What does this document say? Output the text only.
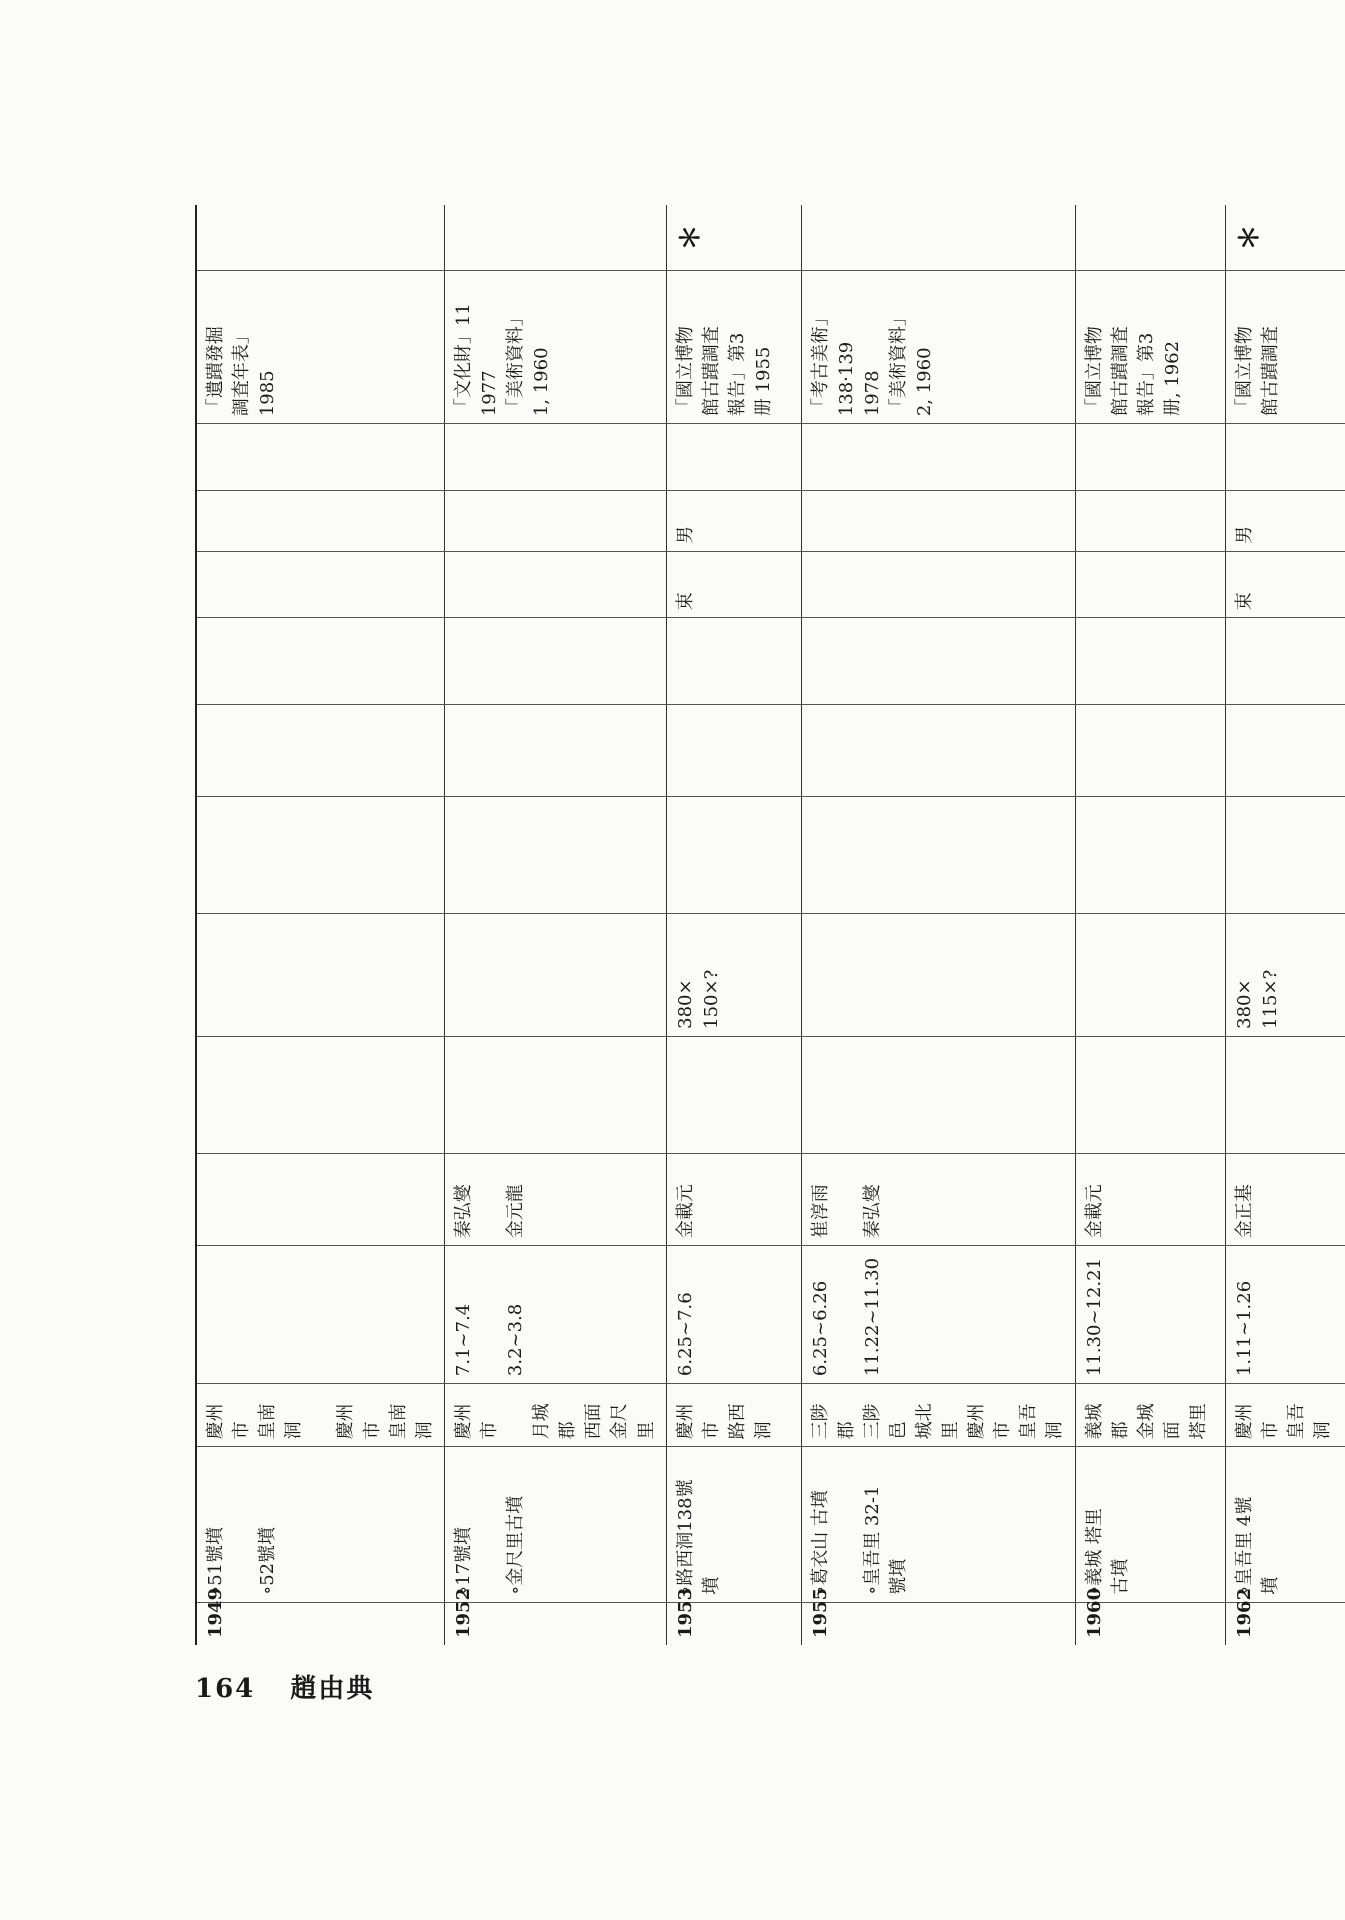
1949	∘51號墳 ∘52號墳	慶州市 皇南洞 慶州市 皇南洞											「遺蹟發掘 調査年表」 1985	
1952	∘17號墳 ∘金尺里古墳	慶州市 月城郡 西面 金尺里	7.1~7.4 3.2~3.8	秦弘燮 金元龍									「文化財」11 1977 「美術資料」 1, 1960	
1953	∘路西洞138號 墳	慶州市 路西洞	6.25~7.6	金載元		380× 150×?				束	男		「國立博物 館古蹟調査 報告」第3 册 1955	＊
1955	∘葛衣山 古墳 ∘皇吾里 32-1 號墳	三陟郡 三陟邑 城北里 慶州市 皇吾洞	6.25~6.26 11.22~11.30	崔淳雨 秦弘燮									「考古美術」 138·139 1978 「美術資料」 2, 1960	
1960	∘義城 塔里 古墳	義城郡 金城面 塔里	11.30~12.21	金載元									「國立博物 館古蹟調査 報告」第3 册, 1962	
1962	∘皇吾里 4號 墳	慶州市 皇吾洞	1.11~1.26	金正基		380× 115×?				束	男		「國立博物 館古蹟調査	＊
164 趙由典
